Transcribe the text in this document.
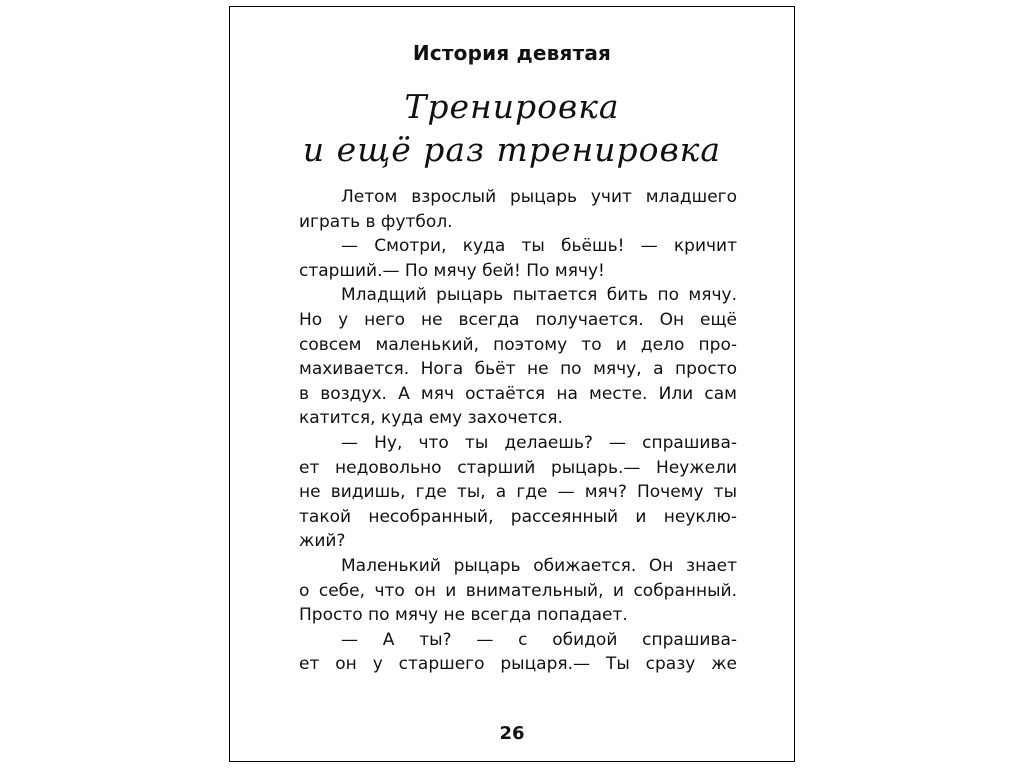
История девятая
Тренировка
и ещё раз тренировка
Летом взрослый рыцарь учит младшего
играть в футбол.
— Смотри, куда ты бьёшь! — кричит
старший.— По мячу бей! По мячу!
Младщий рыцарь пытается бить по мячу.
Но у него не всегда получается. Он ещё
совсем маленький, поэтому то и дело про-
махивается. Нога бьёт не по мячу, а просто
в воздух. А мяч остаётся на месте. Или сам
катится, куда ему захочется.
— Ну, что ты делаешь? — спрашива-
ет недовольно старший рыцарь.— Неужели
не видишь, где ты, а где — мяч? Почему ты
такой несобранный, рассеянный и неуклю-
жий?
Маленький рыцарь обижается. Он знает
о себе, что он и внимательный, и собранный.
Просто по мячу не всегда попадает.
— А ты? — с обидой спрашива-
ет он у старшего рыцаря.— Ты сразу же
26
